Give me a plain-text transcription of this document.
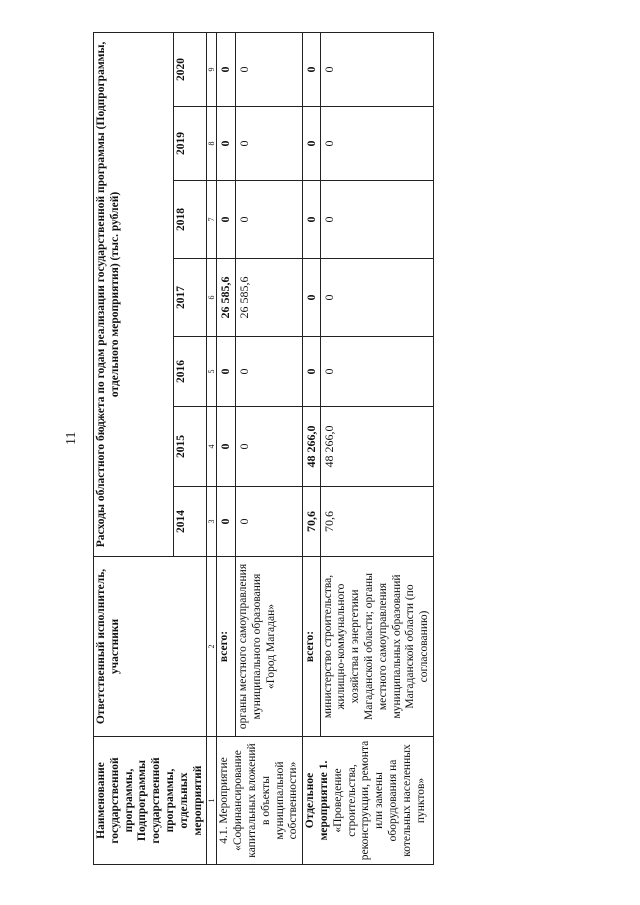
11
Наименование государственной программы, Подпрограммы государственной программы, отдельных мероприятий	Ответственный исполнитель, участники	Расходы областного бюджета по годам реализации государственной программы (Подпрограммы, отдельного мероприятия) (тыс. рублей)						
		2014	2015	2016	2017	2018	2019	2020
1	2	3	4	5	6	7	8	9
4.1. Мероприятие «Софинансирование капитальных вложений в объекты муниципальной собственности»	всего:	0	0	0	26 585,6	0	0	0
	органы местного самоуправления муниципального образования «Город Магадан»	0	0	0	26 585,6	0	0	0
Отдельное мероприятие 1. «Проведение строительства, реконструкции, ремонта или замены оборудования на котельных населенных пунктов»	всего:	70,6	48 266,0	0	0	0	0	0
	министерство строительства, жилищно-коммунального хозяйства и энергетики Магаданской области; органы местного самоуправления муниципальных образований Магаданской области (по согласованию)	70,6	48 266,0	0	0	0	0	0
